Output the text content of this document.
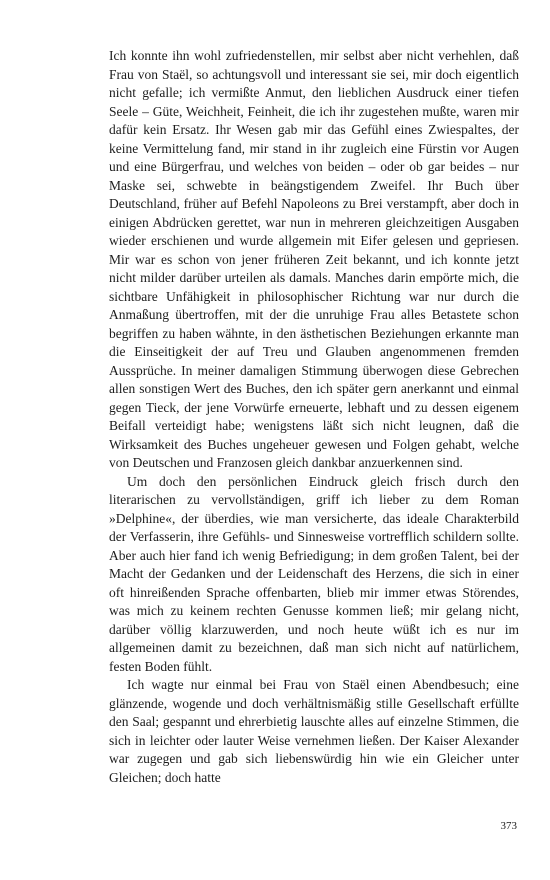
Ich konnte ihn wohl zufriedenstellen, mir selbst aber nicht verhehlen, daß Frau von Staël, so achtungsvoll und interessant sie sei, mir doch eigentlich nicht gefalle; ich vermißte Anmut, den lieblichen Ausdruck einer tiefen Seele – Güte, Weichheit, Feinheit, die ich ihr zugestehen mußte, waren mir dafür kein Ersatz. Ihr Wesen gab mir das Gefühl eines Zwiespaltes, der keine Vermittelung fand, mir stand in ihr zugleich eine Fürstin vor Augen und eine Bürgerfrau, und welches von beiden – oder ob gar beides – nur Maske sei, schwebte in beängstigendem Zweifel. Ihr Buch über Deutschland, früher auf Befehl Napoleons zu Brei verstampft, aber doch in einigen Abdrücken gerettet, war nun in mehreren gleichzeitigen Ausgaben wieder erschienen und wurde allgemein mit Eifer gelesen und gepriesen. Mir war es schon von jener früheren Zeit bekannt, und ich konnte jetzt nicht milder darüber urteilen als damals. Manches darin empörte mich, die sichtbare Unfähigkeit in philosophischer Richtung war nur durch die Anmaßung übertroffen, mit der die unruhige Frau alles Betastete schon begriffen zu haben wähnte, in den ästhetischen Beziehungen erkannte man die Einseitigkeit der auf Treu und Glauben angenommenen fremden Aussprüche. In meiner damaligen Stimmung überwogen diese Gebrechen allen sonstigen Wert des Buches, den ich später gern anerkannt und einmal gegen Tieck, der jene Vorwürfe erneuerte, lebhaft und zu dessen eigenem Beifall verteidigt habe; wenigstens läßt sich nicht leugnen, daß die Wirksamkeit des Buches ungeheuer gewesen und Folgen gehabt, welche von Deutschen und Franzosen gleich dankbar anzuerkennen sind.

Um doch den persönlichen Eindruck gleich frisch durch den literarischen zu vervollständigen, griff ich lieber zu dem Roman »Delphine«, der überdies, wie man versicherte, das ideale Charakterbild der Verfasserin, ihre Gefühls- und Sinnesweise vortrefflich schildern sollte. Aber auch hier fand ich wenig Befriedigung; in dem großen Talent, bei der Macht der Gedanken und der Leidenschaft des Herzens, die sich in einer oft hinreißenden Sprache offenbarten, blieb mir immer etwas Störendes, was mich zu keinem rechten Genusse kommen ließ; mir gelang nicht, darüber völlig klarzuwerden, und noch heute wüßt ich es nur im allgemeinen damit zu bezeichnen, daß man sich nicht auf natürlichem, festen Boden fühlt.

Ich wagte nur einmal bei Frau von Staël einen Abendbesuch; eine glänzende, wogende und doch verhältnismäßig stille Gesellschaft erfüllte den Saal; gespannt und ehrerbietig lauschte alles auf einzelne Stimmen, die sich in leichter oder lauter Weise vernehmen ließen. Der Kaiser Alexander war zugegen und gab sich liebenswürdig hin wie ein Gleicher unter Gleichen; doch hatte

373
